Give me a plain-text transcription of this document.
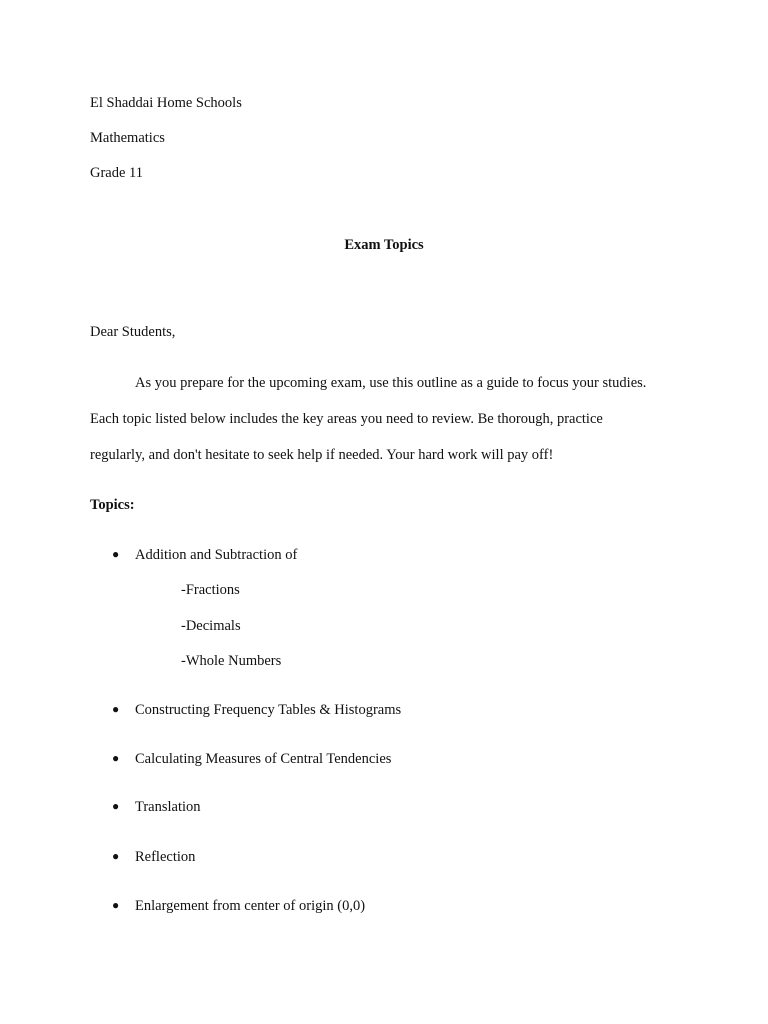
El Shaddai Home Schools
Mathematics
Grade 11
Exam Topics
Dear Students,
As you prepare for the upcoming exam, use this outline as a guide to focus your studies.
Each topic listed below includes the key areas you need to review. Be thorough, practice
regularly, and don't hesitate to seek help if needed. Your hard work will pay off!
Topics:
● Addition and Subtraction of
-Fractions
-Decimals
-Whole Numbers
● Constructing Frequency Tables & Histograms
● Calculating Measures of Central Tendencies
● Translation
● Reflection
● Enlargement from center of origin (0,0)
